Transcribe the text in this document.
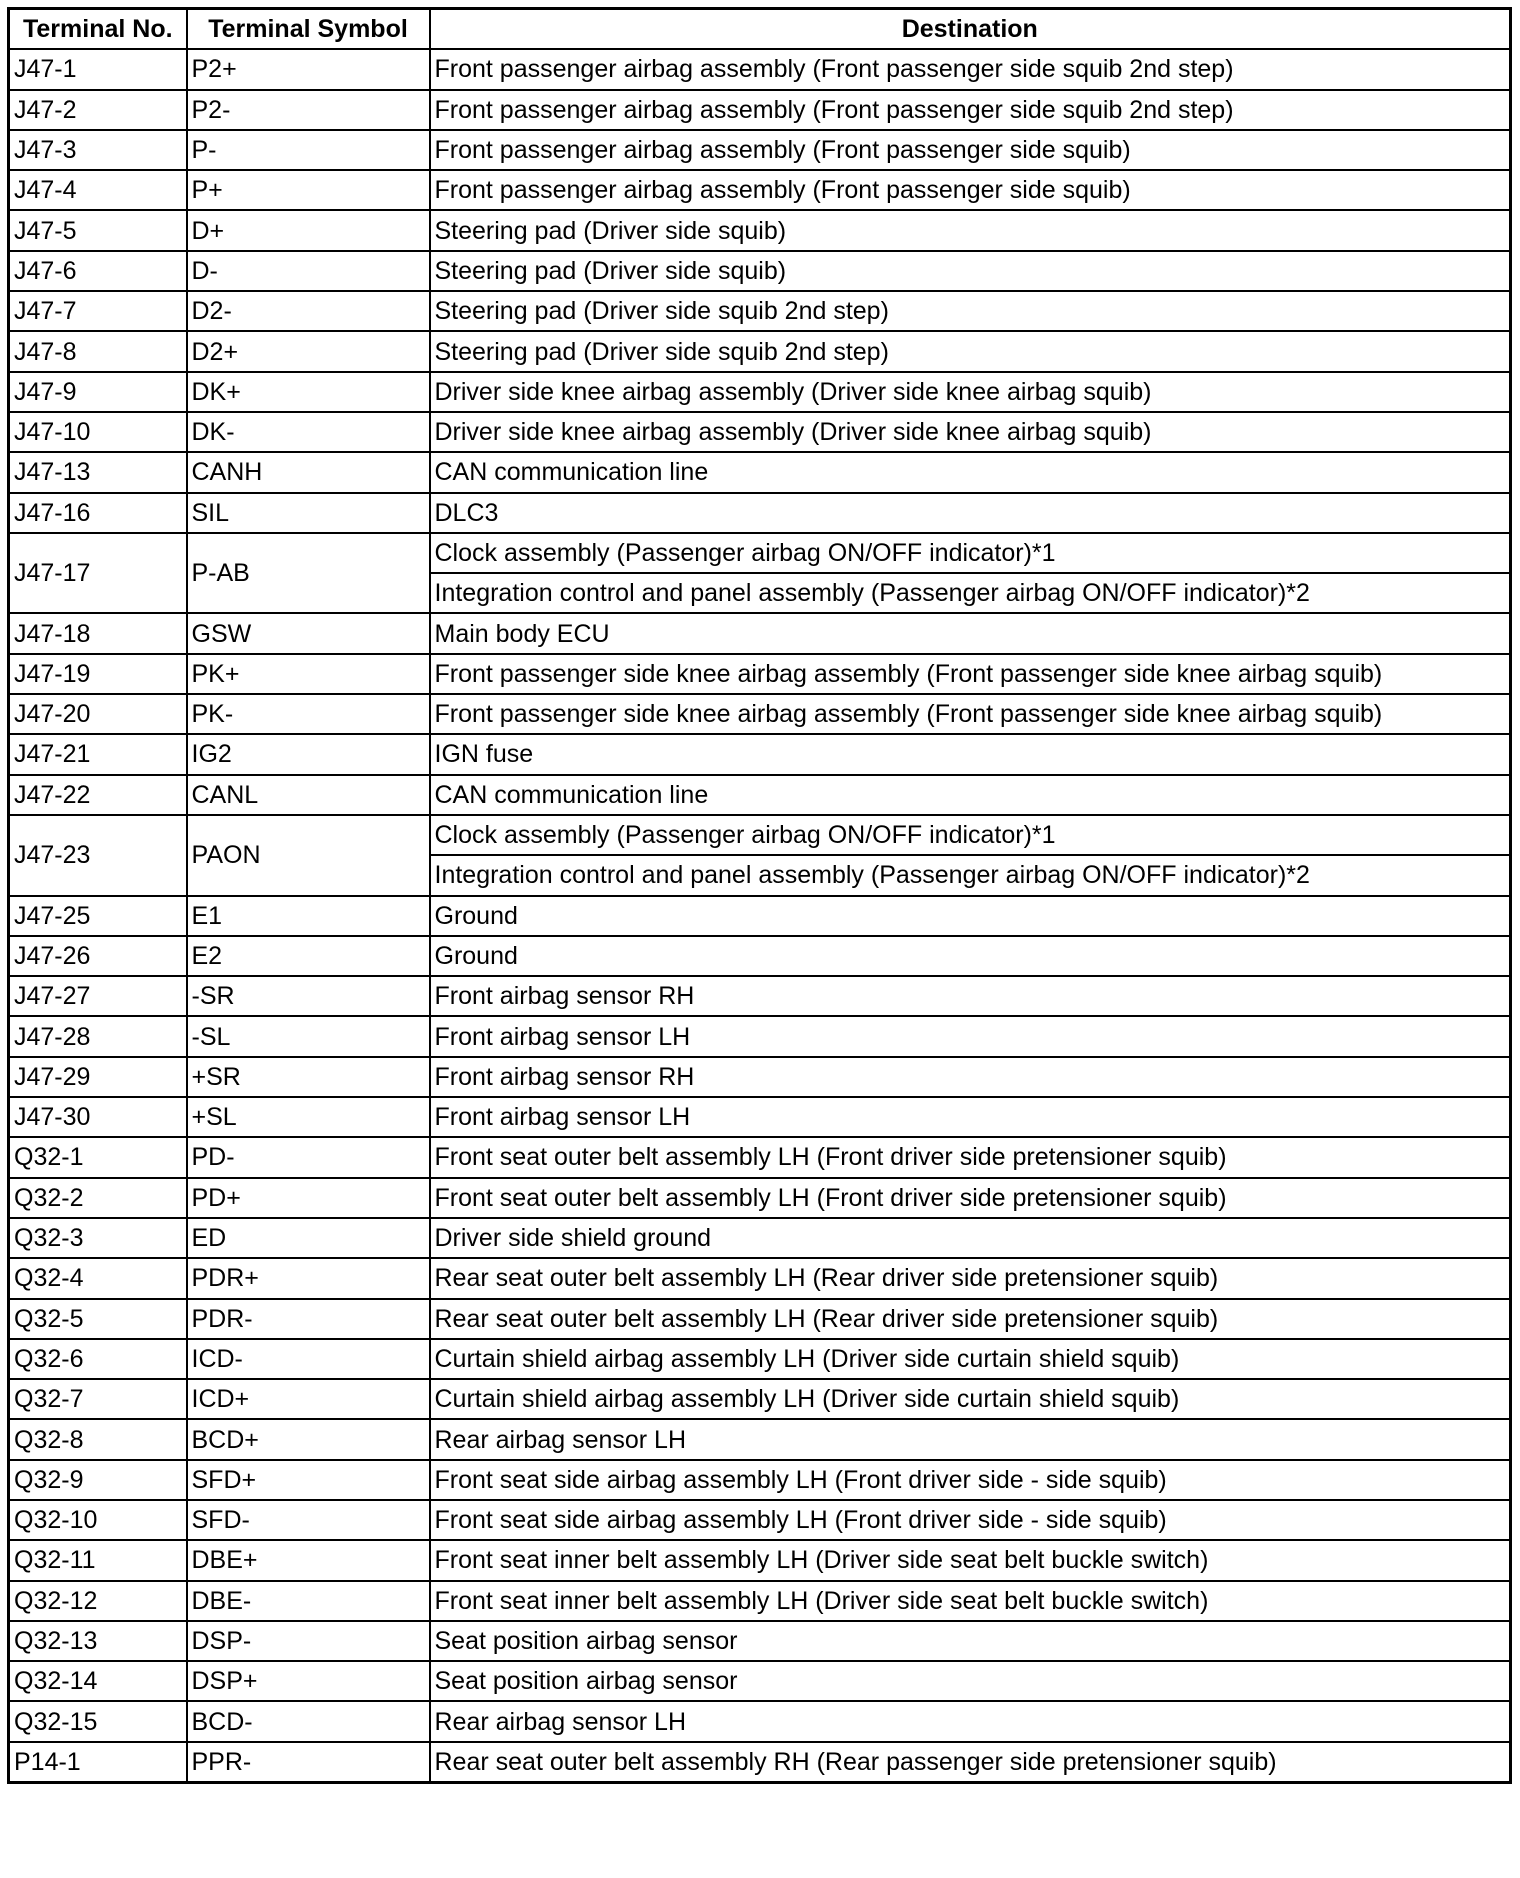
Terminal No.	Terminal Symbol	Destination
J47-1	P2+	Front passenger airbag assembly (Front passenger side squib 2nd step)
J47-2	P2-	Front passenger airbag assembly (Front passenger side squib 2nd step)
J47-3	P-	Front passenger airbag assembly (Front passenger side squib)
J47-4	P+	Front passenger airbag assembly (Front passenger side squib)
J47-5	D+	Steering pad (Driver side squib)
J47-6	D-	Steering pad (Driver side squib)
J47-7	D2-	Steering pad (Driver side squib 2nd step)
J47-8	D2+	Steering pad (Driver side squib 2nd step)
J47-9	DK+	Driver side knee airbag assembly (Driver side knee airbag squib)
J47-10	DK-	Driver side knee airbag assembly (Driver side knee airbag squib)
J47-13	CANH	CAN communication line
J47-16	SIL	DLC3
J47-17	P-AB	Clock assembly (Passenger airbag ON/OFF indicator)*1
		Integration control and panel assembly (Passenger airbag ON/OFF indicator)*2
J47-18	GSW	Main body ECU
J47-19	PK+	Front passenger side knee airbag assembly (Front passenger side knee airbag squib)
J47-20	PK-	Front passenger side knee airbag assembly (Front passenger side knee airbag squib)
J47-21	IG2	IGN fuse
J47-22	CANL	CAN communication line
J47-23	PAON	Clock assembly (Passenger airbag ON/OFF indicator)*1
		Integration control and panel assembly (Passenger airbag ON/OFF indicator)*2
J47-25	E1	Ground
J47-26	E2	Ground
J47-27	-SR	Front airbag sensor RH
J47-28	-SL	Front airbag sensor LH
J47-29	+SR	Front airbag sensor RH
J47-30	+SL	Front airbag sensor LH
Q32-1	PD-	Front seat outer belt assembly LH (Front driver side pretensioner squib)
Q32-2	PD+	Front seat outer belt assembly LH (Front driver side pretensioner squib)
Q32-3	ED	Driver side shield ground
Q32-4	PDR+	Rear seat outer belt assembly LH (Rear driver side pretensioner squib)
Q32-5	PDR-	Rear seat outer belt assembly LH (Rear driver side pretensioner squib)
Q32-6	ICD-	Curtain shield airbag assembly LH (Driver side curtain shield squib)
Q32-7	ICD+	Curtain shield airbag assembly LH (Driver side curtain shield squib)
Q32-8	BCD+	Rear airbag sensor LH
Q32-9	SFD+	Front seat side airbag assembly LH (Front driver side - side squib)
Q32-10	SFD-	Front seat side airbag assembly LH (Front driver side - side squib)
Q32-11	DBE+	Front seat inner belt assembly LH (Driver side seat belt buckle switch)
Q32-12	DBE-	Front seat inner belt assembly LH (Driver side seat belt buckle switch)
Q32-13	DSP-	Seat position airbag sensor
Q32-14	DSP+	Seat position airbag sensor
Q32-15	BCD-	Rear airbag sensor LH
P14-1	PPR-	Rear seat outer belt assembly RH (Rear passenger side pretensioner squib)
